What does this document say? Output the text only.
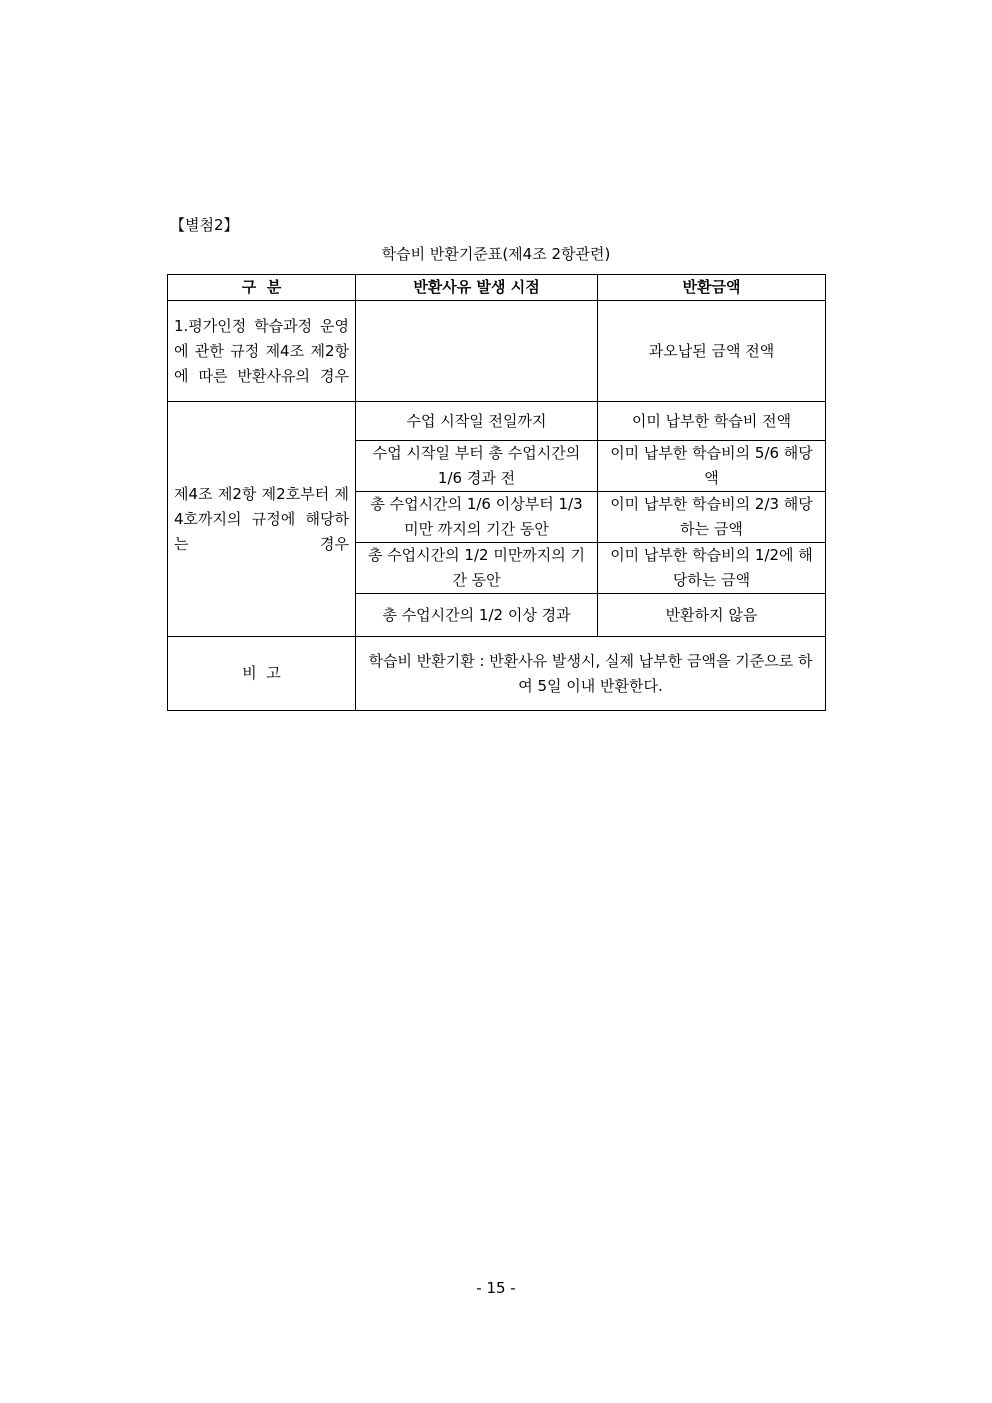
【별첨2】
학습비 반환기준표(제4조 2항관련)
구  분	반환사유 발생 시점	반환금액
1.평가인정 학습과정 운영에 관한 규정 제4조 제2항에 따른 반환사유의 경우		과오납된 금액 전액
제4조 제2항 제2호부터 제4호까지의 규정에 해당하는 경우	수업 시작일 전일까지	이미 납부한 학습비 전액
	수업 시작일 부터 총 수업시간의 1/6 경과 전	이미 납부한 학습비의 5/6 해당액
	총 수업시간의 1/6 이상부터 1/3 미만 까지의 기간 동안	이미 납부한 학습비의 2/3 해당하는 금액
	총 수업시간의 1/2 미만까지의 기간 동안	이미 납부한 학습비의 1/2에 해당하는 금액
	총 수업시간의 1/2 이상 경과	반환하지 않음
비  고	학습비 반환기환 : 반환사유 발생시, 실제 납부한 금액을 기준으로 하여 5일 이내 반환한다.	
- 15 -
